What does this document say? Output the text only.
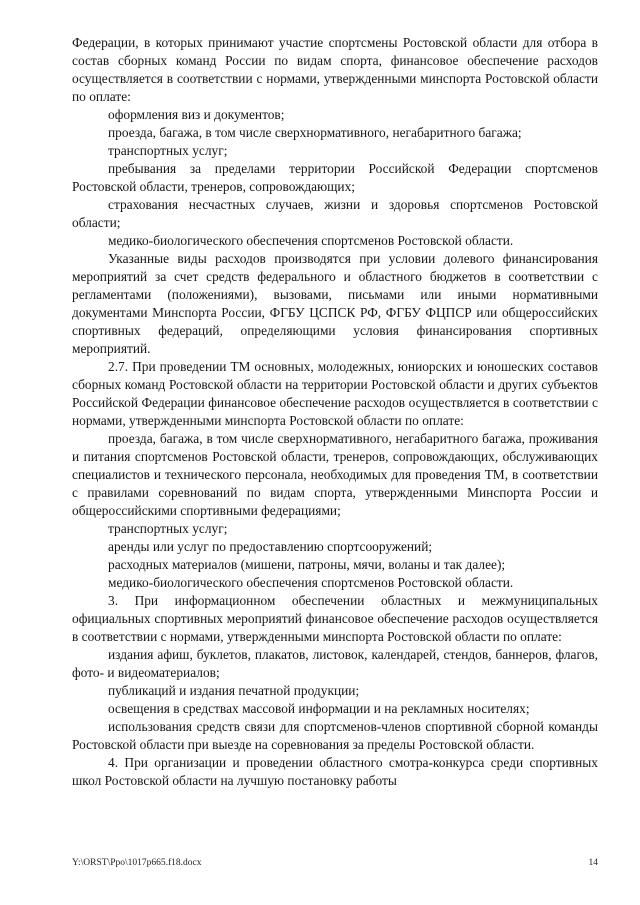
Федерации, в которых принимают участие спортсмены Ростовской области для отбора в состав сборных команд России по видам спорта, финансовое обеспечение расходов осуществляется в соответствии с нормами, утвержденными минспорта Ростовской области по оплате:

оформления виз и документов;

проезда, багажа, в том числе сверхнормативного, негабаритного багажа;

транспортных услуг;

пребывания за пределами территории Российской Федерации спортсменов Ростовской области, тренеров, сопровождающих;

страхования несчастных случаев, жизни и здоровья спортсменов Ростовской области;

медико-биологического обеспечения спортсменов Ростовской области.

Указанные виды расходов производятся при условии долевого финансирования мероприятий за счет средств федерального и областного бюджетов в соответствии с регламентами (положениями), вызовами, письмами или иными нормативными документами Минспорта России, ФГБУ ЦСПСК РФ, ФГБУ ФЦПСР или общероссийских спортивных федераций, определяющими условия финансирования спортивных мероприятий.

2.7. При проведении ТМ основных, молодежных, юниорских и юношеских составов сборных команд Ростовской области на территории Ростовской области и других субъектов Российской Федерации финансовое обеспечение расходов осуществляется в соответствии с нормами, утвержденными минспорта Ростовской области по оплате:

проезда, багажа, в том числе сверхнормативного, негабаритного багажа, проживания и питания спортсменов Ростовской области, тренеров, сопровождающих, обслуживающих специалистов и технического персонала, необходимых для проведения ТМ, в соответствии с правилами соревнований по видам спорта, утвержденными Минспорта России и общероссийскими спортивными федерациями;

транспортных услуг;

аренды или услуг по предоставлению спортсооружений;

расходных материалов (мишени, патроны, мячи, воланы и так далее);

медико-биологического обеспечения спортсменов Ростовской области.

3. При информационном обеспечении областных и межмуниципальных официальных спортивных мероприятий финансовое обеспечение расходов осуществляется в соответствии с нормами, утвержденными минспорта Ростовской области по оплате:

издания афиш, буклетов, плакатов, листовок, календарей, стендов, баннеров, флагов, фото- и видеоматериалов;

публикаций и издания печатной продукции;

освещения в средствах массовой информации и на рекламных носителях;

использования средств связи для спортсменов-членов спортивной сборной команды Ростовской области при выезде на соревнования за пределы Ростовской области.

4. При организации и проведении областного смотра-конкурса среди спортивных школ Ростовской области на лучшую постановку работы

Y:\ORST\Ppo\1017p665.f18.docx	14
